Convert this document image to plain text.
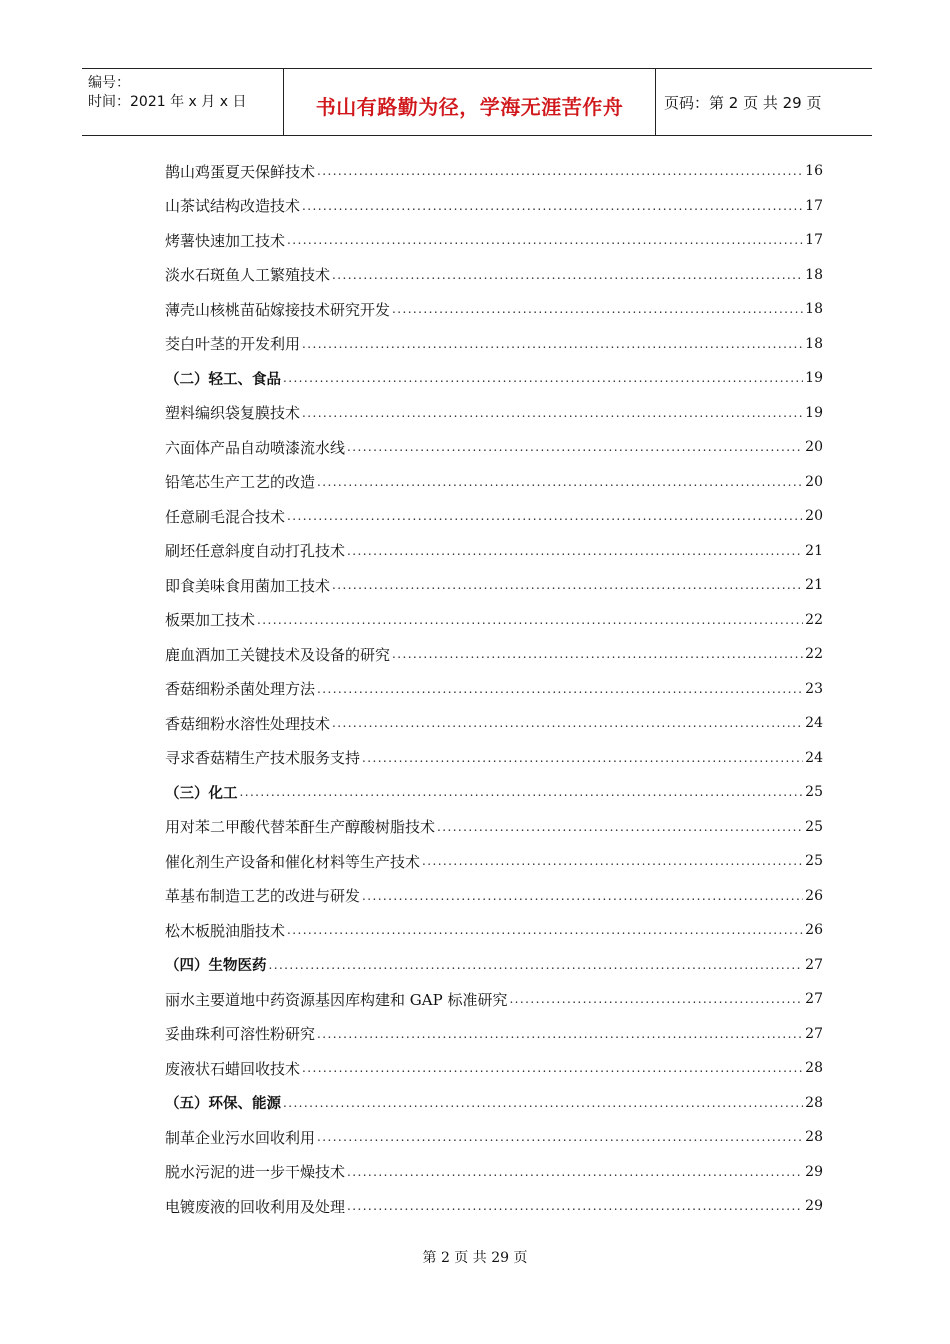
编号：
时间：2021 年 x 月 x 日	书山有路勤为径，学海无涯苦作舟	页码：第 2 页 共 29 页
鹊山鸡蛋夏天保鲜技术 . . .	16
山茶试结构改造技术 . . .	17
烤薯快速加工技术 . . .	17
淡水石斑鱼人工繁殖技术 . . .	18
薄壳山核桃苗砧嫁接技术研究开发 . . .	18
茭白叶茎的开发利用 . . .	18
（二）轻工、食品 . . .	19
塑料编织袋复膜技术 . . .	19
六面体产品自动喷漆流水线 . . .	20
铅笔芯生产工艺的改造 . . .	20
任意刷毛混合技术 . . .	20
刷坯任意斜度自动打孔技术 . . .	21
即食美味食用菌加工技术 . . .	21
板栗加工技术 . . .	22
鹿血酒加工关键技术及设备的研究 . . .	22
香菇细粉杀菌处理方法 . . .	23
香菇细粉水溶性处理技术 . . .	24
寻求香菇精生产技术服务支持 . . .	24
（三）化工 . . .	25
用对苯二甲酸代替苯酐生产醇酸树脂技术 . . .	25
催化剂生产设备和催化材料等生产技术 . . .	25
革基布制造工艺的改进与研发 . . .	26
松木板脱油脂技术 . . .	26
（四）生物医药 . . .	27
丽水主要道地中药资源基因库构建和 GAP 标准研究 . . .	27
妥曲珠利可溶性粉研究 . . .	27
废液状石蜡回收技术 . . .	28
（五）环保、能源 . . .	28
制革企业污水回收利用 . . .	28
脱水污泥的进一步干燥技术 . . .	29
电镀废液的回收利用及处理 . . .	29
第 2 页 共 29 页
